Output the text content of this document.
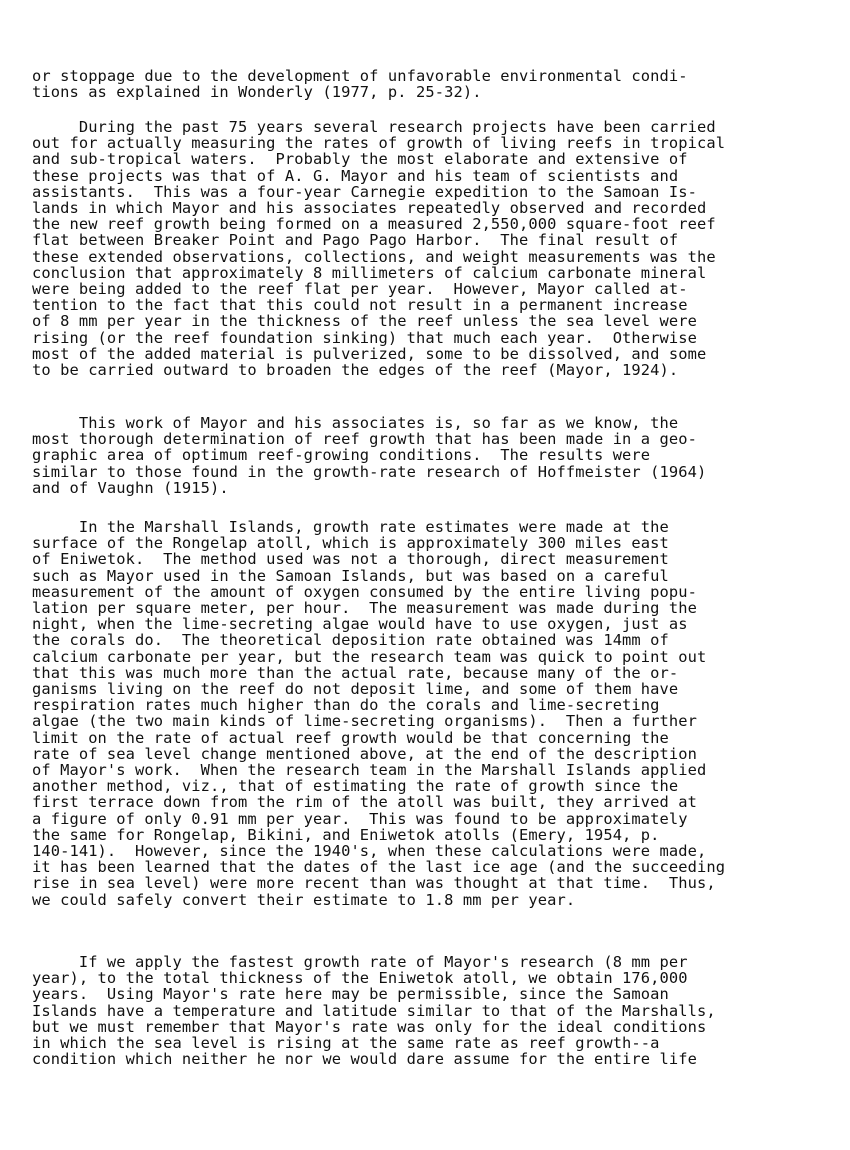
or stoppage due to the development of unfavorable environmental condi-
tions as explained in Wonderly (1977, p. 25-32).
During the past 75 years several research projects have been carried
out for actually measuring the rates of growth of living reefs in tropical
and sub-tropical waters.  Probably the most elaborate and extensive of
these projects was that of A. G. Mayor and his team of scientists and
assistants.  This was a four-year Carnegie expedition to the Samoan Is-
lands in which Mayor and his associates repeatedly observed and recorded
the new reef growth being formed on a measured 2,550,000 square-foot reef
flat between Breaker Point and Pago Pago Harbor.  The final result of
these extended observations, collections, and weight measurements was the
conclusion that approximately 8 millimeters of calcium carbonate mineral
were being added to the reef flat per year.  However, Mayor called at-
tention to the fact that this could not result in a permanent increase
of 8 mm per year in the thickness of the reef unless the sea level were
rising (or the reef foundation sinking) that much each year.  Otherwise
most of the added material is pulverized, some to be dissolved, and some
to be carried outward to broaden the edges of the reef (Mayor, 1924).
This work of Mayor and his associates is, so far as we know, the
most thorough determination of reef growth that has been made in a geo-
graphic area of optimum reef-growing conditions.  The results were
similar to those found in the growth-rate research of Hoffmeister (1964)
and of Vaughn (1915).
In the Marshall Islands, growth rate estimates were made at the
surface of the Rongelap atoll, which is approximately 300 miles east
of Eniwetok.  The method used was not a thorough, direct measurement
such as Mayor used in the Samoan Islands, but was based on a careful
measurement of the amount of oxygen consumed by the entire living popu-
lation per square meter, per hour.  The measurement was made during the
night, when the lime-secreting algae would have to use oxygen, just as
the corals do.  The theoretical deposition rate obtained was 14mm of
calcium carbonate per year, but the research team was quick to point out
that this was much more than the actual rate, because many of the or-
ganisms living on the reef do not deposit lime, and some of them have
respiration rates much higher than do the corals and lime-secreting
algae (the two main kinds of lime-secreting organisms).  Then a further
limit on the rate of actual reef growth would be that concerning the
rate of sea level change mentioned above, at the end of the description
of Mayor's work.  When the research team in the Marshall Islands applied
another method, viz., that of estimating the rate of growth since the
first terrace down from the rim of the atoll was built, they arrived at
a figure of only 0.91 mm per year.  This was found to be approximately
the same for Rongelap, Bikini, and Eniwetok atolls (Emery, 1954, p.
140-141).  However, since the 1940's, when these calculations were made,
it has been learned that the dates of the last ice age (and the succeeding
rise in sea level) were more recent than was thought at that time.  Thus,
we could safely convert their estimate to 1.8 mm per year.
If we apply the fastest growth rate of Mayor's research (8 mm per
year), to the total thickness of the Eniwetok atoll, we obtain 176,000
years.  Using Mayor's rate here may be permissible, since the Samoan
Islands have a temperature and latitude similar to that of the Marshalls,
but we must remember that Mayor's rate was only for the ideal conditions
in which the sea level is rising at the same rate as reef growth--a
condition which neither he nor we would dare assume for the entire life
